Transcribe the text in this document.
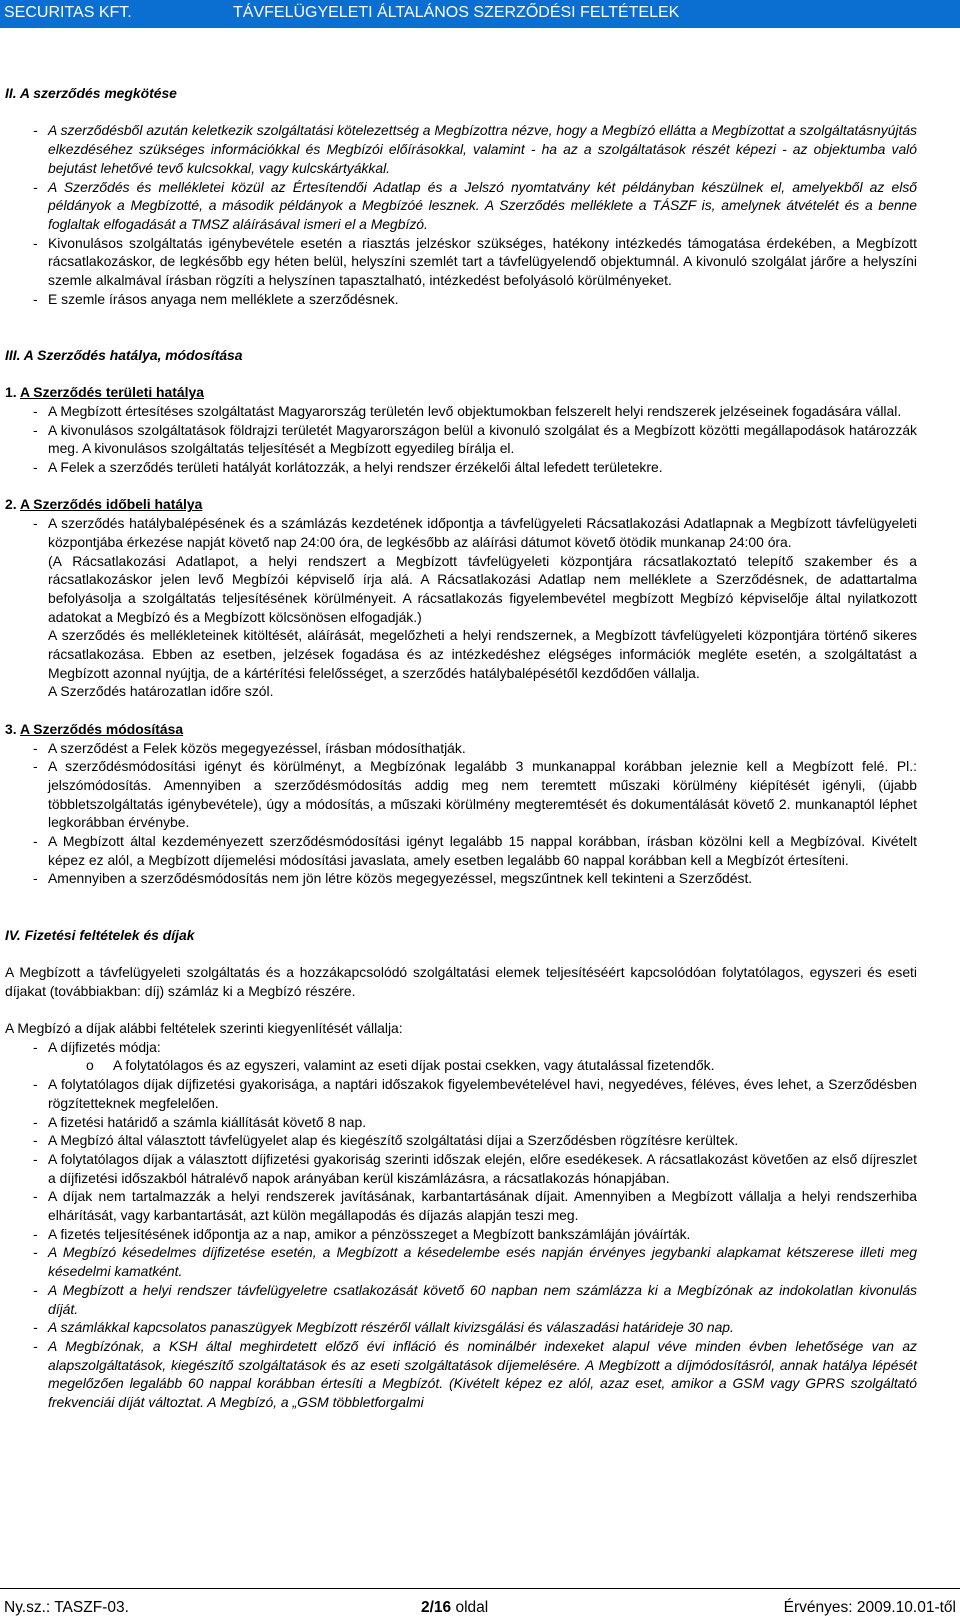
SECURITAS KFT.	TÁVFELÜGYELETI ÁLTALÁNOS SZERZŐDÉSI FELTÉTELEK

II. A szerződés megkötése

- A szerződésből azután keletkezik szolgáltatási kötelezettség a Megbízottra nézve, hogy a Megbízó ellátta a Megbízottat a szolgáltatásnyújtás elkezdéséhez szükséges információkkal és Megbízói előírásokkal, valamint - ha az a szolgáltatások részét képezi - az objektumba való bejutást lehetővé tevő kulcsokkal, vagy kulcskártyákkal.
- A Szerződés és mellékletei közül az Értesítendői Adatlap és a Jelszó nyomtatvány két példányban készülnek el, amelyekből az első példányok a Megbízotté, a második példányok a Megbízóé lesznek. A Szerződés melléklete a TÁSZF is, amelynek átvételét és a benne foglaltak elfogadását a TMSZ aláírásával ismeri el a Megbízó.
- Kivonulásos szolgáltatás igénybevétele esetén a riasztás jelzéskor szükséges, hatékony intézkedés támogatása érdekében, a Megbízott rácsatlakozáskor, de legkésőbb egy héten belül, helyszíni szemlét tart a távfelügyelendő objektumnál. A kivonuló szolgálat járőre a helyszíni szemle alkalmával írásban rögzíti a helyszínen tapasztalható, intézkedést befolyásoló körülményeket.
- E szemle írásos anyaga nem melléklete a szerződésnek.

III. A Szerződés hatálya, módosítása

1. A Szerződés területi hatálya

- A Megbízott értesítéses szolgáltatást Magyarország területén levő objektumokban felszerelt helyi rendszerek jelzéseinek fogadására vállal.
- A kivonulásos szolgáltatások földrajzi területét Magyarországon belül a kivonuló szolgálat és a Megbízott közötti megállapodások határozzák meg. A kivonulásos szolgáltatás teljesítését a Megbízott egyedileg bírálja el.
- A Felek a szerződés területi hatályát korlátozzák, a helyi rendszer érzékelői által lefedett területekre.

2. A Szerződés időbeli hatálya

- A szerződés hatálybalépésének és a számlázás kezdetének időpontja a távfelügyeleti Rácsatlakozási Adatlapnak a Megbízott távfelügyeleti központjába érkezése napját követő nap 24:00 óra, de legkésőbb az aláírási dátumot követő ötödik munkanap 24:00 óra.

(A Rácsatlakozási Adatlapot, a helyi rendszert a Megbízott távfelügyeleti központjára rácsatlakoztató telepítő szakember és a rácsatlakozáskor jelen levő Megbízói képviselő írja alá. A Rácsatlakozási Adatlap nem melléklete a Szerződésnek, de adattartalma befolyásolja a szolgáltatás teljesítésének körülményeit. A rácsatlakozás figyelembevétel megbízott Megbízó képviselője által nyilatkozott adatokat a Megbízó és a Megbízott kölcsönösen elfogadják.)

A szerződés és mellékleteinek kitöltését, aláírását, megelőzheti a helyi rendszernek, a Megbízott távfelügyeleti központjára történő sikeres rácsatlakozása. Ebben az esetben, jelzések fogadása és az intézkedéshez elégséges információk megléte esetén, a szolgáltatást a Megbízott azonnal nyújtja, de a kártérítési felelősséget, a szerződés hatálybalépésétől kezdődően vállalja.

A Szerződés határozatlan időre szól.

3. A Szerződés módosítása

- A szerződést a Felek közös megegyezéssel, írásban módosíthatják.
- A szerződésmódosítási igényt és körülményt, a Megbízónak legalább 3 munkanappal korábban jeleznie kell a Megbízott felé. Pl.: jelszómódosítás. Amennyiben a szerződésmódosítás addig meg nem teremtett műszaki körülmény kiépítését igényli, (újabb többletszolgáltatás igénybevétele), úgy a módosítás, a műszaki körülmény megteremtését és dokumentálását követő 2. munkanaptól léphet legkorábban érvénybe.
- A Megbízott által kezdeményezett szerződésmódosítási igényt legalább 15 nappal korábban, írásban közölni kell a Megbízóval. Kivételt képez ez alól, a Megbízott díjemelési módosítási javaslata, amely esetben legalább 60 nappal korábban kell a Megbízót értesíteni.
- Amennyiben a szerződésmódosítás nem jön létre közös megegyezéssel, megszűntnek kell tekinteni a Szerződést.

IV. Fizetési feltételek és díjak

A Megbízott a távfelügyeleti szolgáltatás és a hozzákapcsolódó szolgáltatási elemek teljesítéséért kapcsolódóan folytatólagos, egyszeri és eseti díjakat (továbbiakban: díj) számláz ki a Megbízó részére.

A Megbízó a díjak alábbi feltételek szerinti kiegyenlítését vállalja:

- A díjfizetés módja:
o A folytatólagos és az egyszeri, valamint az eseti díjak postai csekken, vagy átutalással fizetendők.
- A folytatólagos díjak díjfizetési gyakorisága, a naptári időszakok figyelembevételével havi, negyedéves, féléves, éves lehet, a Szerződésben rögzítetteknek megfelelően.
- A fizetési határidő a számla kiállítását követő 8 nap.
- A Megbízó által választott távfelügyelet alap és kiegészítő szolgáltatási díjai a Szerződésben rögzítésre kerültek.
- A folytatólagos díjak a választott díjfizetési gyakoriság szerinti időszak elején, előre esedékesek. A rácsatlakozást követően az első díjreszlet a díjfizetési időszakból hátralévő napok arányában kerül kiszámlázásra, a rácsatlakozás hónapjában.
- A díjak nem tartalmazzák a helyi rendszerek javításának, karbantartásának díjait. Amennyiben a Megbízott vállalja a helyi rendszerhiba elhárítását, vagy karbantartását, azt külön megállapodás és díjazás alapján teszi meg.
- A fizetés teljesítésének időpontja az a nap, amikor a pénzösszeget a Megbízott bankszámláján jóváírták.
- A Megbízó késedelmes díjfizetése esetén, a Megbízott a késedelembe esés napján érvényes jegybanki alapkamat kétszerese illeti meg késedelmi kamatként.
- A Megbízott a helyi rendszer távfelügyeletre csatlakozását követő 60 napban nem számlázza ki a Megbízónak az indokolatlan kivonulás díját.
- A számlákkal kapcsolatos panaszügyek Megbízott részéről vállalt kivizsgálási és válaszadási határideje 30 nap.
- A Megbízónak, a KSH által meghirdetett előző évi infláció és nominálbér indexeket alapul véve minden évben lehetősége van az alapszolgáltatások, kiegészítő szolgáltatások és az eseti szolgáltatások díjemelésére. A Megbízott a díjmódosításról, annak hatálya lépését megelőzően legalább 60 nappal korábban értesíti a Megbízót. (Kivételt képez ez alól, azaz eset, amikor a GSM vagy GPRS szolgáltató frekvenciái díját változtat. A Megbízó, a „GSM többletforgalmi
Ny.sz.: TASZF-03.	2/16 oldal	Érvényes: 2009.10.01-től
